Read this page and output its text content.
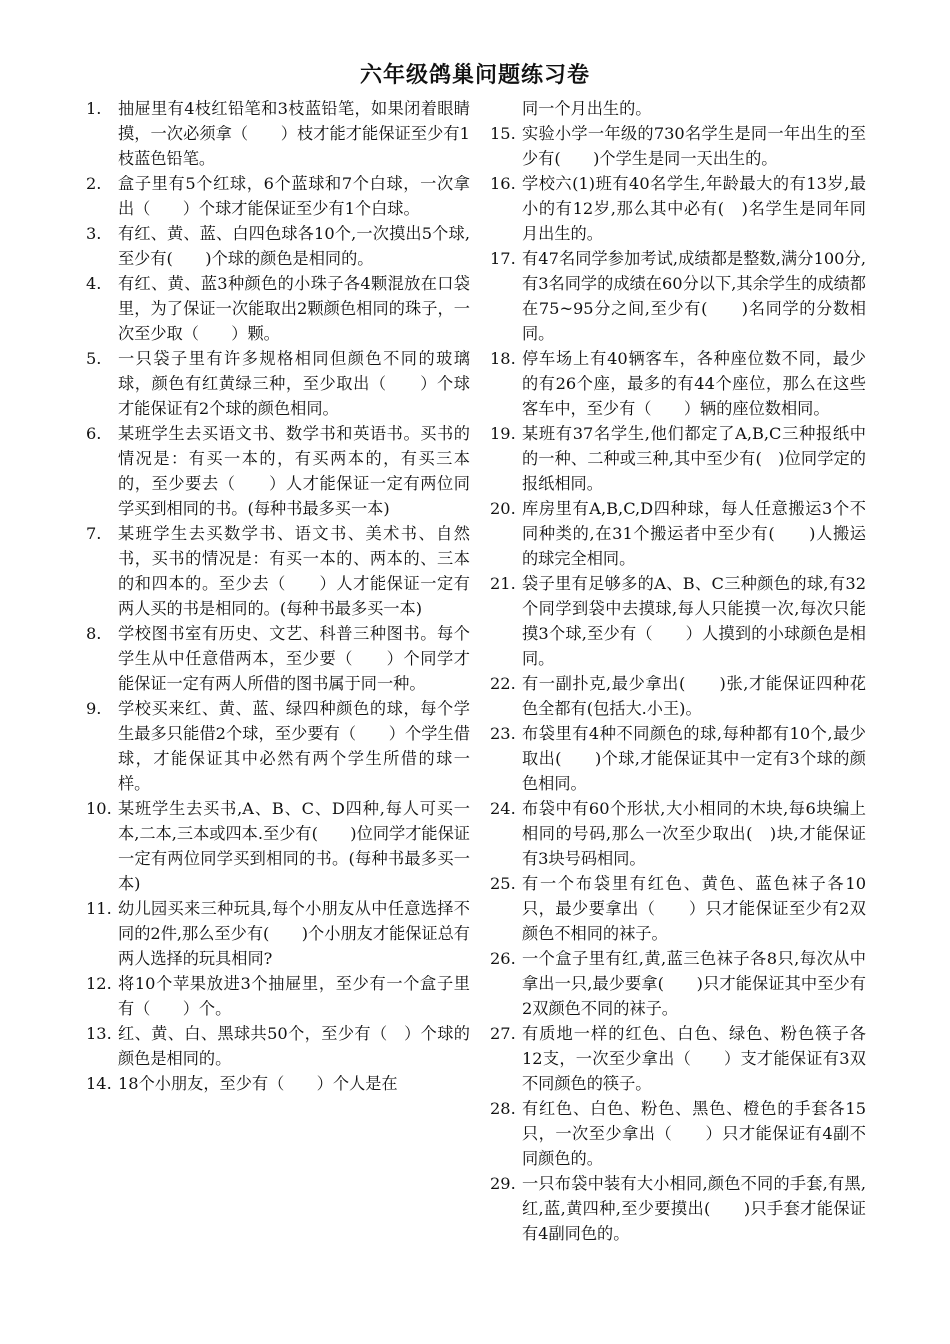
六年级鸽巢问题练习卷
1.	抽屉里有4枝红铅笔和3枝蓝铅笔，如果闭着眼睛摸，一次必须拿（　　）枝才能才能保证至少有1枝蓝色铅笔。
2.	盒子里有5个红球，6个蓝球和7个白球，一次拿出（　　）个球才能保证至少有1个白球。
3.	有红、黄、蓝、白四色球各10个,一次摸出5个球,至少有(　　)个球的颜色是相同的。
4.	有红、黄、蓝3种颜色的小珠子各4颗混放在口袋里，为了保证一次能取出2颗颜色相同的珠子，一次至少取（　　）颗。
5.	一只袋子里有许多规格相同但颜色不同的玻璃球，颜色有红黄绿三种，至少取出（　　）个球才能保证有2个球的颜色相同。
6.	某班学生去买语文书、数学书和英语书。买书的情况是：有买一本的，有买两本的，有买三本的，至少要去（　　）人才能保证一定有两位同学买到相同的书。(每种书最多买一本)
7.	某班学生去买数学书、语文书、美术书、自然书，买书的情况是：有买一本的、两本的、三本的和四本的。至少去（　　）人才能保证一定有两人买的书是相同的。(每种书最多买一本)
8.	学校图书室有历史、文艺、科普三种图书。每个学生从中任意借两本，至少要（　　）个同学才能保证一定有两人所借的图书属于同一种。
9.	学校买来红、黄、蓝、绿四种颜色的球，每个学生最多只能借2个球，至少要有（　　）个学生借球，才能保证其中必然有两个学生所借的球一样。
10. 某班学生去买书,A、B、C、D四种,每人可买一本,二本,三本或四本.至少有(　　)位同学才能保证一定有两位同学买到相同的书。(每种书最多买一本)
11. 幼儿园买来三种玩具,每个小朋友从中任意选择不同的2件,那么至少有(　　)个小朋友才能保证总有两人选择的玩具相同?
12. 将10个苹果放进3个抽屉里，至少有一个盒子里有（　　）个。
13. 红、黄、白、黑球共50个，至少有（　）个球的颜色是相同的。
14. 18个小朋友，至少有（　　）个人是在
同一个月出生的。
15. 实验小学一年级的730名学生是同一年出生的至少有(　　)个学生是同一天出生的。
16. 学校六(1)班有40名学生,年龄最大的有13岁,最小的有12岁,那么其中必有(　)名学生是同年同月出生的。
17. 有47名同学参加考试,成绩都是整数,满分100分,有3名同学的成绩在60分以下,其余学生的成绩都在75~95分之间,至少有(　　)名同学的分数相同。
18. 停车场上有40辆客车，各种座位数不同，最少的有26个座，最多的有44个座位，那么在这些客车中，至少有（　　）辆的座位数相同。
19. 某班有37名学生,他们都定了A,B,C三种报纸中的一种、二种或三种,其中至少有(　)位同学定的报纸相同。
20. 库房里有A,B,C,D四种球，每人任意搬运3个不同种类的,在31个搬运者中至少有(　　)人搬运的球完全相同。
21. 袋子里有足够多的A、B、C三种颜色的球,有32个同学到袋中去摸球,每人只能摸一次,每次只能摸3个球,至少有（　　）人摸到的小球颜色是相同。
22. 有一副扑克,最少拿出(　　)张,才能保证四种花色全都有(包括大.小王)。
23. 布袋里有4种不同颜色的球,每种都有10个,最少取出(　　)个球,才能保证其中一定有3个球的颜色相同。
24. 布袋中有60个形状,大小相同的木块,每6块编上相同的号码,那么一次至少取出(　)块,才能保证有3块号码相同。
25. 有一个布袋里有红色、黄色、蓝色袜子各10只，最少要拿出（　　）只才能保证至少有2双颜色不相同的袜子。
26. 一个盒子里有红,黄,蓝三色袜子各8只,每次从中拿出一只,最少要拿(　　)只才能保证其中至少有2双颜色不同的袜子。
27. 有质地一样的红色、白色、绿色、粉色筷子各12支，一次至少拿出（　　）支才能保证有3双不同颜色的筷子。
28. 有红色、白色、粉色、黑色、橙色的手套各15只，一次至少拿出（　　）只才能保证有4副不同颜色的。
29. 一只布袋中装有大小相同,颜色不同的手套,有黑,红,蓝,黄四种,至少要摸出(　　)只手套才能保证有4副同色的。
